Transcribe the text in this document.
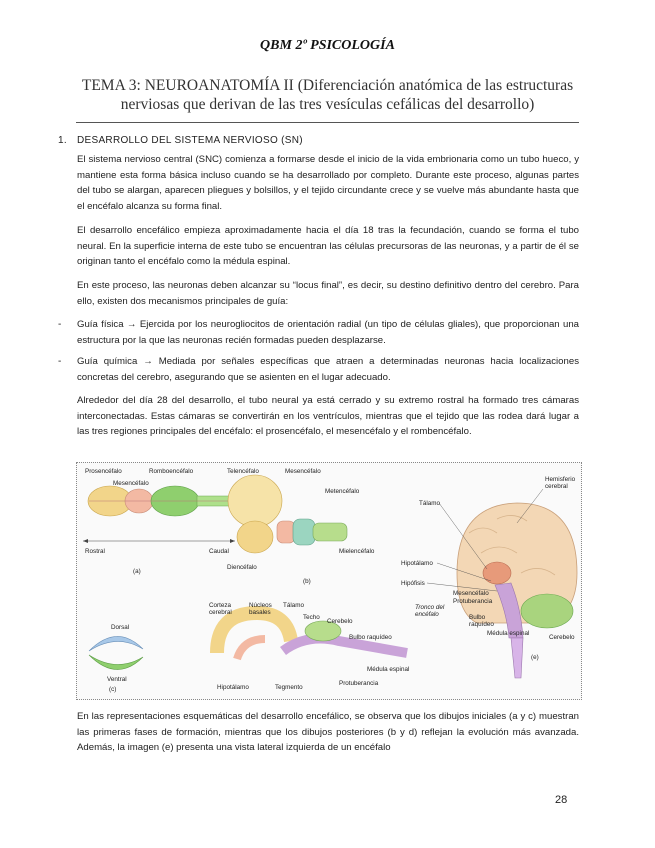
QBM 2º PSICOLOGÍA
TEMA 3: NEUROANATOMÍA II (Diferenciación anatómica de las estructuras nerviosas que derivan de las tres vesículas cefálicas del desarrollo)
1. DESARROLLO DEL SISTEMA NERVIOSO (SN)
El sistema nervioso central (SNC) comienza a formarse desde el inicio de la vida embrionaria como un tubo hueco, y mantiene esta forma básica incluso cuando se ha desarrollado por completo. Durante este proceso, algunas partes del tubo se alargan, aparecen pliegues y bolsillos, y el tejido circundante crece y se vuelve más abundante hasta que el encéfalo alcanza su forma final.
El desarrollo encefálico empieza aproximadamente hacia el día 18 tras la fecundación, cuando se forma el tubo neural. En la superficie interna de este tubo se encuentran las células precursoras de las neuronas, y a partir de él se originan tanto el encéfalo como la médula espinal.
En este proceso, las neuronas deben alcanzar su “locus final”, es decir, su destino definitivo dentro del cerebro. Para ello, existen dos mecanismos principales de guía:
- Guía física → Ejercida por los neurogliocitos de orientación radial (un tipo de células gliales), que proporcionan una estructura por la que las neuronas recién formadas pueden desplazarse.
- Guía química → Mediada por señales específicas que atraen a determinadas neuronas hacia localizaciones concretas del cerebro, asegurando que se asienten en el lugar adecuado.
Alrededor del día 28 del desarrollo, el tubo neural ya está cerrado y su extremo rostral ha formado tres cámaras interconectadas. Estas cámaras se convertirán en los ventrículos, mientras que el tejido que las rodea dará lugar a las tres regiones principales del encéfalo: el prosencéfalo, el mesencéfalo y el rombencéfalo.
Prosencéfalo	Romboencéfalo
Mesencéfalo
Rostral	Caudal
(a)
Telencéfalo	Mesencéfalo
Metencéfalo
Mielencéfalo
Diencéfalo
(b)
Dorsal
Ventral
(c)
Corteza
cerebral
Núcleos
basales
Tálamo
Techo
Cerebelo
Bulbo raquídeo
Médula espinal
Hipotálamo	Tegmento
Protuberancia
Hemisferio
cerebral
Tálamo
Hipotálamo
Hipófisis
Tronco del
encéfalo
Mesencéfalo
Protuberancia
Bulbo
raquídeo
Cerebelo
Médula espinal
(e)
En las representaciones esquemáticas del desarrollo encefálico, se observa que los dibujos iniciales (a y c) muestran las primeras fases de formación, mientras que los dibujos posteriores (b y d) reflejan la evolución más avanzada. Además, la imagen (e) presenta una vista lateral izquierda de un encéfalo
28
